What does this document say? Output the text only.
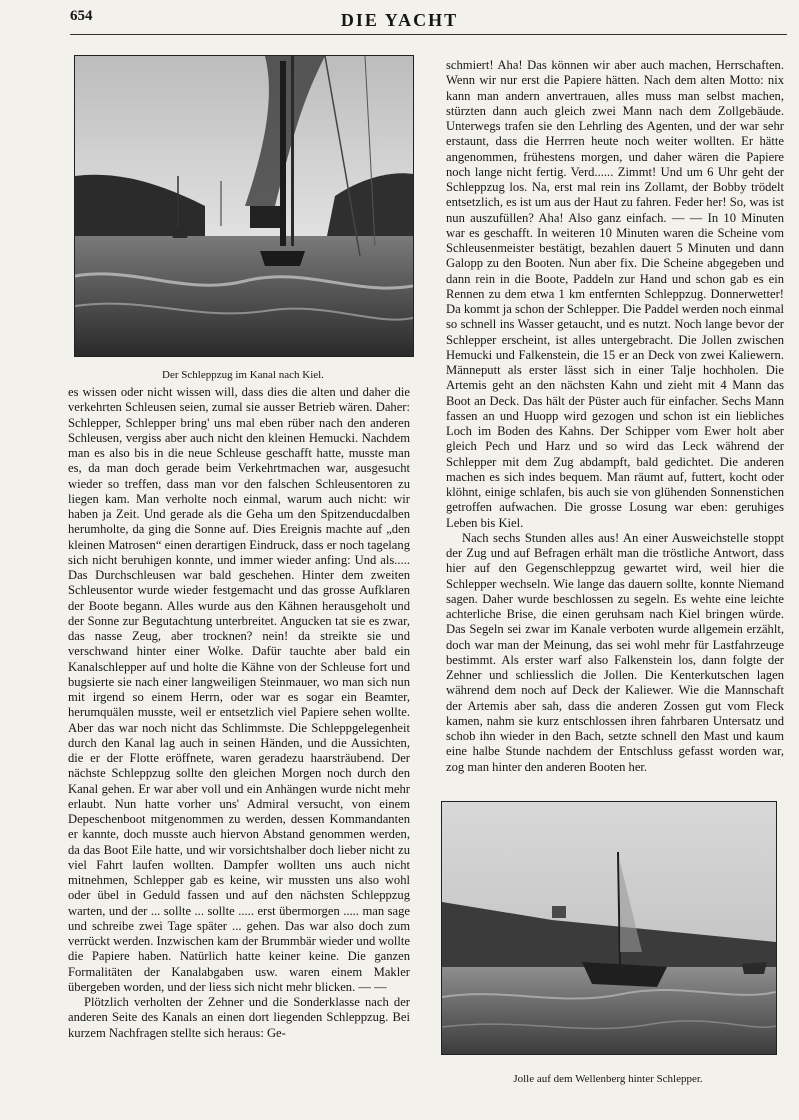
654	DIE YACHT
Der Schleppzug im Kanal nach Kiel.

es wissen oder nicht wissen will, dass dies die alten und daher die verkehrten Schleusen seien, zumal sie ausser Betrieb wären. Daher: Schlepper, Schlepper bring' uns mal eben rüber nach den anderen Schleusen, vergiss aber auch nicht den kleinen Hemucki. Nachdem man es also bis in die neue Schleuse geschafft hatte, musste man es, da man doch gerade beim Verkehrtmachen war, ausgesucht wieder so treffen, dass man vor den falschen Schleusentoren zu liegen kam. Man verholte noch einmal, warum auch nicht: wir haben ja Zeit. Und gerade als die Geha um den Spitzenducdalben herumholte, da ging die Sonne auf. Dies Ereignis machte auf „den kleinen Matrosen“ einen derartigen Eindruck, dass er noch tagelang sich nicht beruhigen konnte, und immer wieder anfing: Und als..... Das Durchschleusen war bald geschehen. Hinter dem zweiten Schleusentor wurde wieder festgemacht und das grosse Aufklaren der Boote begann. Alles wurde aus den Kähnen herausgeholt und der Sonne zur Begutachtung unterbreitet. Angucken tat sie es zwar, das nasse Zeug, aber trocknen? nein! da streikte sie und verschwand hinter einer Wolke. Dafür tauchte aber bald ein Kanalschlepper auf und holte die Kähne von der Schleuse fort und bugsierte sie nach einer langweiligen Steinmauer, wo man sich nun mit irgend so einem Herrn, oder war es sogar ein Beamter, herumquälen musste, weil er entsetzlich viel Papiere sehen wollte. Aber das war noch nicht das Schlimmste. Die Schleppgelegenheit durch den Kanal lag auch in seinen Händen, und die Aussichten, die er der Flotte eröffnete, waren geradezu haarsträubend. Der nächste Schleppzug sollte den gleichen Morgen noch durch den Kanal gehen. Er war aber voll und ein Anhängen wurde nicht mehr erlaubt. Nun hatte vorher uns' Admiral versucht, von einem Depeschenboot mitgenommen zu werden, dessen Kommandanten er kannte, doch musste auch hiervon Abstand genommen werden, da das Boot Eile hatte, und wir vorsichtshalber doch lieber nicht zu viel Fahrt laufen wollten. Dampfer wollten uns auch nicht mitnehmen, Schlepper gab es keine, wir mussten uns also wohl oder übel in Geduld fassen und auf den nächsten Schleppzug warten, und der ... sollte ... sollte ..... erst übermorgen ..... man sage und schreibe zwei Tage später ... gehen. Das war also doch zum verrückt werden. Inzwischen kam der Brummbär wieder und wollte die Papiere haben. Natürlich hatte keiner keine. Die ganzen Formalitäten der Kanalabgaben usw. waren einem Makler übergeben worden, und der liess sich nicht mehr blicken. — —

Plötzlich verholten der Zehner und die Sonderklasse nach der anderen Seite des Kanals an einen dort liegenden Schleppzug. Bei kurzem Nachfragen stellte sich heraus: Ge-

schmiert! Aha! Das können wir aber auch machen, Herrschaften. Wenn wir nur erst die Papiere hätten. Nach dem alten Motto: nix kann man andern anvertrauen, alles muss man selbst machen, stürzten dann auch gleich zwei Mann nach dem Zollgebäude. Unterwegs trafen sie den Lehrling des Agenten, und der war sehr erstaunt, dass die Herrren heute noch weiter wollten. Er hätte angenommen, frühestens morgen, und daher wären die Papiere noch lange nicht fertig. Verd...... Zimmt! Und um 6 Uhr geht der Schleppzug los. Na, erst mal rein ins Zollamt, der Bobby trödelt entsetzlich, es ist um aus der Haut zu fahren. Feder her! So, was ist nun auszufüllen? Aha! Also ganz einfach. — — In 10 Minuten war es geschafft. In weiteren 10 Minuten waren die Scheine vom Schleusenmeister bestätigt, bezahlen dauert 5 Minuten und dann Galopp zu den Booten. Nun aber fix. Die Scheine abgegeben und dann rein in die Boote, Paddeln zur Hand und schon gab es ein Rennen zu dem etwa 1 km entfernten Schleppzug. Donnerwetter! Da kommt ja schon der Schlepper. Die Paddel werden noch einmal so schnell ins Wasser getaucht, und es nutzt. Noch lange bevor der Schlepper erscheint, ist alles untergebracht. Die Jollen zwischen Hemucki und Falkenstein, die 15 er an Deck von zwei Kaliewern. Männeputt als erster lässt sich in einer Talje hochholen. Die Artemis geht an den nächsten Kahn und zieht mit 4 Mann das Boot an Deck. Das hält der Püster auch für einfacher. Sechs Mann fassen an und Huopp wird gezogen und schon ist ein liebliches Loch im Boden des Kahns. Der Schipper vom Ewer holt aber gleich Pech und Harz und so wird das Leck während der Schlepper mit dem Zug abdampft, bald gedichtet. Die anderen machen es sich indes bequem. Man räumt auf, futtert, kocht oder klöhnt, einige schlafen, bis auch sie von glühenden Sonnenstichen getroffen aufwachen. Die grosse Losung war eben: geruhiges Leben bis Kiel.

Nach sechs Stunden alles aus! An einer Ausweichstelle stoppt der Zug und auf Befragen erhält man die tröstliche Antwort, dass hier auf den Gegenschleppzug gewartet wird, weil hier die Schlepper wechseln. Wie lange das dauern sollte, konnte Niemand sagen. Daher wurde beschlossen zu segeln. Es wehte eine leichte achterliche Brise, die einen geruhsam nach Kiel bringen würde. Das Segeln sei zwar im Kanale verboten wurde allgemein erzählt, doch war man der Meinung, das sei wohl mehr für Lastfahrzeuge bestimmt. Als erster warf also Falkenstein los, dann folgte der Zehner und schliesslich die Jollen. Die Kenterkutschen lagen während dem noch auf Deck der Kaliewer. Wie die Mannschaft der Artemis aber sah, dass die anderen Zossen gut vom Fleck kamen, nahm sie kurz entschlossen ihren fahrbaren Untersatz und schob ihn wieder in den Bach, setzte schnell den Mast und kaum eine halbe Stunde nachdem der Entschluss gefasst worden war, zog man hinter den anderen Booten her.

Jolle auf dem Wellenberg hinter Schlepper.
